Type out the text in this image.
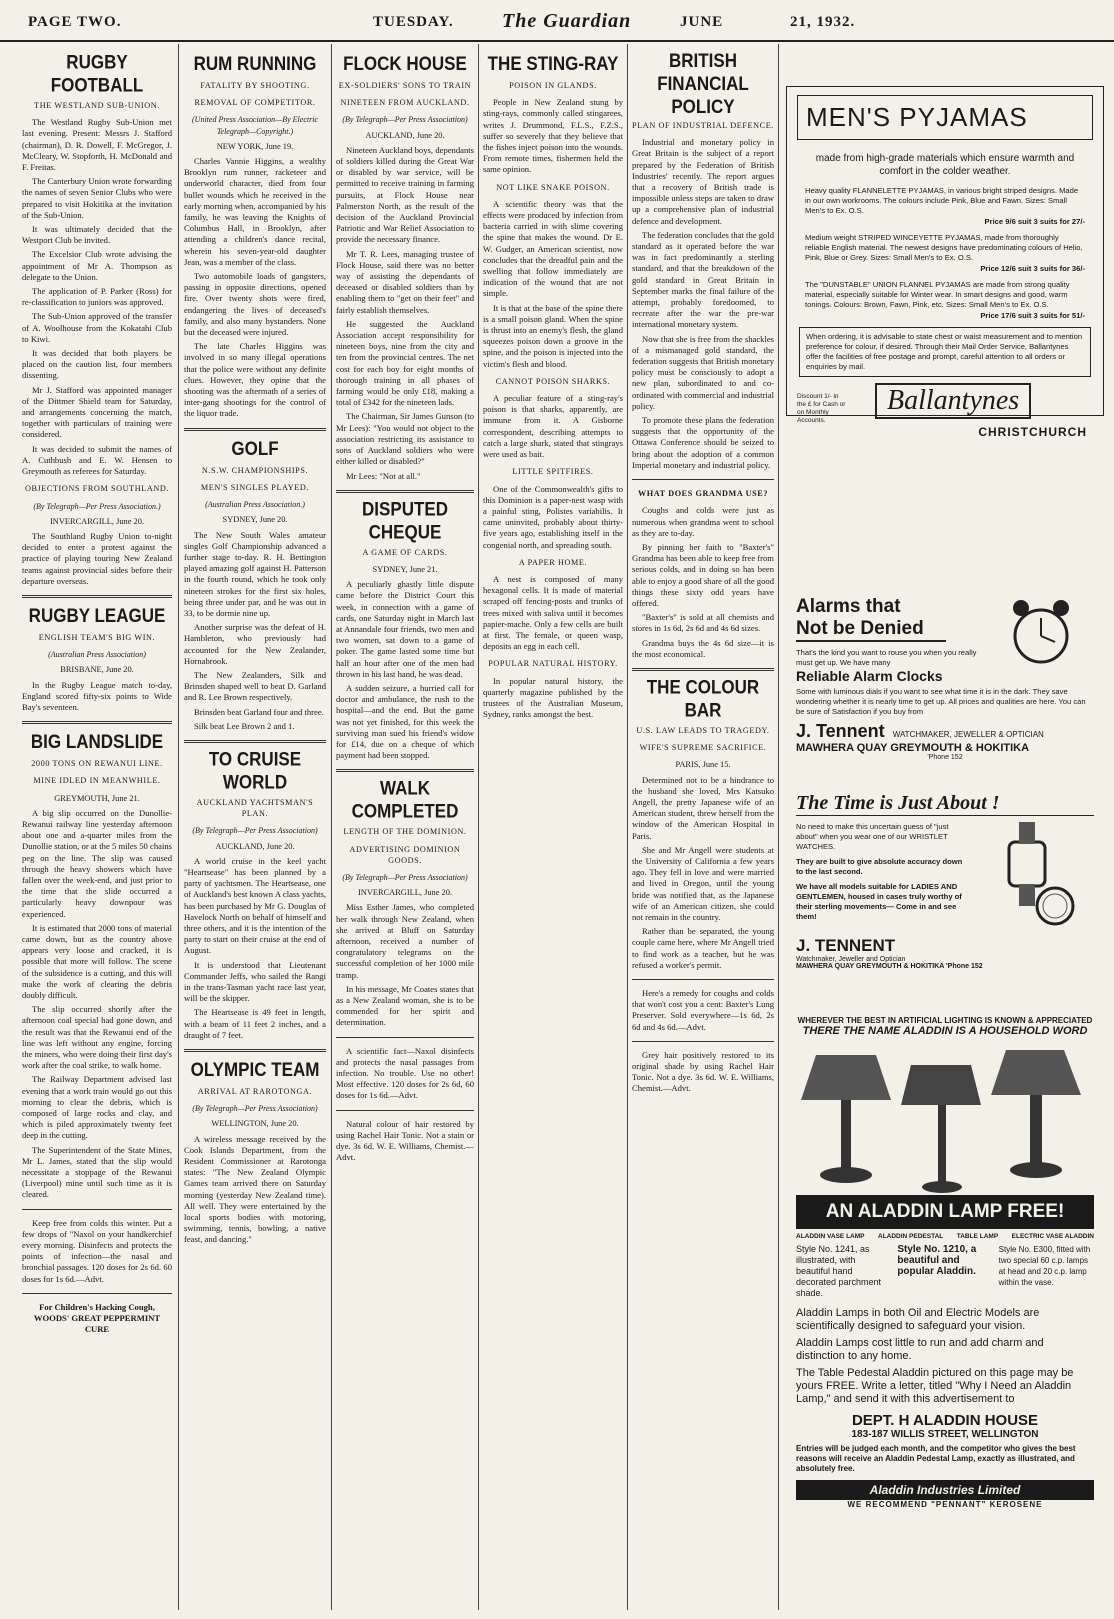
PAGE TWO.	TUESDAY. The Guardian	JUNE	21, 1932.
RUGBY FOOTBALL
THE WESTLAND SUB-UNION.

The Westland Rugby Sub-Union met last evening. Present: Messrs J. Stafford (chairman), D. R. Dowell, F. McGregor, J. McCleary, W. Stopforth, H. McDonald and F. Freitas.

The Canterbury Union wrote forwarding the names of seven Senior Clubs who were prepared to visit Hokitika at the invitation of the Sub-Union.

It was ultimately decided that the Westport Club be invited.

The Excelsior Club wrote advising the appointment of Mr A. Thompson as delegate to the Union.

The application of P. Parker (Ross) for re-classification to juniors was approved.

The Sub-Union approved of the transfer of A. Woolhouse from the Kokatahi Club to Kiwi.

It was decided that both players be placed on the caution list, four members dissenting.

Mr J. Stafford was appointed manager of the Dittmer Shield team for Saturday, and arrangements concerning the match, together with particulars of training were considered.

It was decided to submit the names of A. Cuthbush and E. W. Hensen to Greymouth as referees for Saturday.

OBJECTIONS FROM SOUTHLAND.
(By Telegraph—Per Press Association.)
INVERCARGILL, June 20.

The Southland Rugby Union to-night decided to enter a protest against the practice of playing touring New Zealand teams against provincial sides before their departure overseas.

RUGBY LEAGUE
ENGLISH TEAM'S BIG WIN.
(Australian Press Association)
BRISBANE, June 20.

In the Rugby League match to-day, England scored fifty-six points to Wide Bay's seventeen.

BIG LANDSLIDE
2000 TONS ON REWANUI LINE.
MINE IDLED IN MEANWHILE.
GREYMOUTH, June 21.

A big slip occurred on the Dunollie-Rewanui railway line yesterday afternoon about one and a-quarter miles from the Dunollie station, or at the 5 miles 50 chains peg on the line. The slip was caused through the heavy showers which have fallen over the week-end, and just prior to the time that the slide occurred a particularly heavy downpour was experienced.

It is estimated that 2000 tons of material came down, but as the country above appears very loose and cracked, it is possible that more will follow. The scene of the subsidence is a cutting, and this will make the work of clearing the debris doubly difficult.

The slip occurred shortly after the afternoon coal special had gone down, and the result was that the Rewanui end of the line was left without any engine, forcing the miners, who were doing their first day's work after the coal strike, to walk home.

The Railway Department advised last evening that a work train would go out this morning to clear the debris, which is composed of large rocks and clay, and which is piled approximately twenty feet deep in the cutting.

The Superintendent of the State Mines, Mr L. James, stated that the slip would necessitate a stoppage of the Rewanui (Liverpool) mine until such time as it is cleared.

Keep free from colds this winter. Put a few drops of "Naxol on your handkerchief every morning. Disinfects and protects the points of infection—the nasal and bronchial passages. 120 doses for 2s 6d. 60 doses for 1s 6d.—Advt.

For Children's Hacking Cough, WOODS' GREAT PEPPERMINT CURE

RUM RUNNING
FATALITY BY SHOOTING.
REMOVAL OF COMPETITOR.
(United Press Association—By Electric Telegraph—Copyright.)
NEW YORK, June 19.

Charles Vannie Higgins, a wealthy Brooklyn rum runner, racketeer and underworld character, died from four bullet wounds which he received in the early morning when, accompanied by his family, he was leaving the Knights of Columbus Hall, in Brooklyn, after attending a children's dance recital, wherein his seven-year-old daughter Jean, was a member of the class.

Two automobile loads of gangsters, passing in opposite directions, opened fire. Over twenty shots were fired, endangering the lives of deceased's family, and also many bystanders. None but the deceased were injured.

The late Charles Higgins was involved in so many illegal operations that the police were without any definite clues. However, they opine that the shooting was the aftermath of a series of inter-gang shootings for the control of the liquor trade.

GOLF
N.S.W. CHAMPIONSHIPS.
MEN'S SINGLES PLAYED.
(Australian Press Association.)
SYDNEY, June 20.

The New South Wales amateur singles Golf Championship advanced a further stage to-day. R. H. Bettington played amazing golf against H. Patterson in the fourth round, which he took only nineteen strokes for the first six holes, being three under par, and he was out in 33, to be dormie nine up.

Another surprise was the defeat of H. Hambleton, who previously had accounted for the New Zealander, Hornabrook.

The New Zealanders, Silk and Brinsden shaped well to beat D. Garland and R. Lee Brown respectively.

Brinsden beat Garland four and three.

Silk beat Lee Brown 2 and 1.

TO CRUISE WORLD
AUCKLAND YACHTSMAN'S PLAN.
(By Telegraph—Per Press Association)
AUCKLAND, June 20.

A world cruise in the keel yacht "Heartsease" has been planned by a party of yachtsmen. The Heartsease, one of Auckland's best known A class yachts, has been purchased by Mr G. Douglas of Havelock North on behalf of himself and three others, and it is the intention of the party to start on their cruise at the end of August.

It is understood that Lieutenant Commander Jeffs, who sailed the Rangi in the trans-Tasman yacht race last year, will be the skipper.

The Heartsease is 49 feet in length, with a beam of 11 feet 2 inches, and a draught of 7 feet.

OLYMPIC TEAM
ARRIVAL AT RAROTONGA.
(By Telegraph—Per Press Association)
WELLINGTON, June 20.

A wireless message received by the Cook Islands Department, from the Resident Commissioner at Rarotonga states: "The New Zealand Olympic Games team arrived there on Saturday morning (yesterday New Zealand time). All well. They were entertained by the local sports bodies with motoring, swimming, tennis, bowling, a native feast, and dancing."

FLOCK HOUSE
EX-SOLDIERS' SONS TO TRAIN
NINETEEN FROM AUCKLAND.
(By Telegraph—Per Press Association)
AUCKLAND, June 20.

Nineteen Auckland boys, dependants of soldiers killed during the Great War or disabled by war service, will be permitted to receive training in farming pursuits, at Flock House near Palmerston North, as the result of the decision of the Auckland Provincial Patriotic and War Relief Association to provide the necessary finance.

Mr T. R. Lees, managing trustee of Flock House, said there was no better way of assisting the dependants of deceased or disabled soldiers than by enabling them to "get on their feet" and fairly establish themselves.

He suggested the Auckland Association accept responsibility for nineteen boys, nine from the city and ten from the provincial centres. The net cost for each boy for eight months of thorough training in all phases of farming would be only £18, making a total of £342 for the nineteen lads.

The Chairman, Sir James Gunson (to Mr Lees): "You would not object to the association restricting its assistance to sons of Auckland soldiers who were either killed or disabled?"

Mr Lees: "Not at all."

DISPUTED CHEQUE
A GAME OF CARDS.
SYDNEY, June 21.

A peculiarly ghastly little dispute came before the District Court this week, in connection with a game of cards, one Saturday night in March last at Annandale four friends, two men and two women, sat down to a game of poker. The game lasted some time but half an hour after one of the men had thrown in his last hand, he was dead.

A sudden seizure, a hurried call for doctor and ambulance, the rush to the hospital—and the end. But the game was not yet finished, for this week the surviving man sued his friend's widow for £14, due on a cheque of which payment had been stopped.

WALK COMPLETED
LENGTH OF THE DOMINION.
ADVERTISING DOMINION GOODS.
(By Telegraph—Per Press Association)
INVERCARGILL, June 20.

Miss Esther James, who completed her walk through New Zealand, when she arrived at Bluff on Saturday afternoon, received a number of congratulatory telegrams on the successful completion of her 1000 mile tramp.

In his message, Mr Coates states that as a New Zealand woman, she is to be commended for her spirit and determination.

A scientific fact—Naxol disinfects and protects the nasal passages from infection. No trouble. Use no other! Most effective. 120 doses for 2s 6d, 60 doses for 1s 6d.—Advt.

Natural colour of hair restored by using Rachel Hair Tonic. Not a stain or dye. 3s 6d. W. E. Williams, Chemist.—Advt.

THE STING-RAY
POISON IN GLANDS.

People in New Zealand stung by sting-rays, commonly called stingarees, writes J. Drummond, F.L.S., F.Z.S., suffer so severely that they believe that the fishes inject poison into the wounds. From remote times, fishermen held the same opinion.

NOT LIKE SNAKE POISON.

A scientific theory was that the effects were produced by infection from bacteria carried in with slime covering the spine that makes the wound. Dr E. W. Gudger, an American scientist, now concludes that the dreadful pain and the swelling that follow immediately are indication of the wound that are not simple.

It is that at the base of the spine there is a small poison gland. When the spine is thrust into an enemy's flesh, the gland squeezes poison down a groove in the spine, and the poison is injected into the victim's flesh and blood.

CANNOT POISON SHARKS.

A peculiar feature of a sting-ray's poison is that sharks, apparently, are immune from it. A Gisborne correspondent, describing attempts to catch a large shark, stated that stingrays were used as bait.

LITTLE SPITFIRES.

One of the Commonwealth's gifts to this Dominion is a paper-nest wasp with a painful sting, Polistes variabilis. It came uninvited, probably about thirty-five years ago, establishing itself in the congenial north, and spreading south.

A PAPER HOME.

A nest is composed of many hexagonal cells. It is made of material scraped off fencing-posts and trunks of trees mixed with saliva until it becomes papier-mache. Only a few cells are built at first. The female, or queen wasp, deposits an egg in each cell.

POPULAR NATURAL HISTORY.

In popular natural history, the quarterly magazine published by the trustees of the Australian Museum, Sydney, ranks amongst the best.

BRITISH FINANCIAL POLICY
PLAN OF INDUSTRIAL DEFENCE.

Industrial and monetary policy in Great Britain is the subject of a report prepared by the Federation of British Industries' recently. The report argues that a recovery of British trade is impossible unless steps are taken to draw up a comprehensive plan of industrial defence and development.

The federation concludes that the gold standard as it operated before the war was in fact predominantly a sterling standard, and that the breakdown of the gold standard in Great Britain in September marks the final failure of the attempt, probably foredoomed, to recreate after the war the pre-war international monetary system.

Now that she is free from the shackles of a mismanaged gold standard, the federation suggests that British monetary policy must be consciously to adopt a new plan, subordinated to and co-ordinated with commercial and industrial policy.

To promote these plans the federation suggests that the opportunity of the Ottawa Conference should be seized to bring about the adoption of a common Imperial monetary and industrial policy.

WHAT DOES GRANDMA USE?

Coughs and colds were just as numerous when grandma went to school as they are to-day.

By pinning her faith to "Baxter's" Grandma has been able to keep free from serious colds, and in doing so has been able to enjoy a good share of all the good things these sixty odd years have offered.

"Baxter's" is sold at all chemists and stores in 1s 6d, 2s 6d and 4s 6d sizes.

Grandma buys the 4s 6d size—it is the most economical.

THE COLOUR BAR
U.S. LAW LEADS TO TRAGEDY.
WIFE'S SUPREME SACRIFICE.
PARIS, June 15.

Determined not to be a hindrance to the husband she loved, Mrs Katsuko Angell, the pretty Japanese wife of an American student, threw herself from the window of the American Hospital in Paris.

She and Mr Angell were students at the University of California a few years ago. They fell in love and were married and lived in Oregon, until the young bride was notified that, as the Japanese wife of an American citizen, she could not remain in the country.

Rather than be separated, the young couple came here, where Mr Angell tried to find work as a teacher, but he was refused a worker's permit.

Here's a remedy for coughs and colds that won't cost you a cent: Baxter's Lung Preserver. Sold everywhere—1s 6d, 2s 6d and 4s 6d.—Advt.

Grey hair positively restored to its original shade by using Rachel Hair Tonic. Not a dye. 3s 6d. W. E. Williams, Chemist.—Advt.

MEN'S PYJAMAS
made from high-grade materials which ensure warmth and comfort in the colder weather.
Heavy quality FLANNELETTE PYJAMAS, in various bright striped designs. Made in our own workrooms. The colours include Pink, Blue and Fawn. Sizes: Small Men's to Ex. O.S.
Price 9/6 suit 3 suits for 27/-
Medium weight STRIPED WINCEYETTE PYJAMAS, made from thoroughly reliable English material. The newest designs have predominating colours of Helio, Pink, Blue or Grey. Sizes: Small Men's to Ex. O.S.
Price 12/6 suit 3 suits for 36/-
The "DUNSTABLE" UNION FLANNEL PYJAMAS are made from strong quality material, especially suitable for Winter wear. In smart designs and good, warm tonings. Colours: Brown, Fawn, Pink, etc. Sizes: Small Men's to Ex. O.S.
Price 17/6 suit 3 suits for 51/-
When ordering, it is advisable to state chest or waist measurement and to mention preference for colour, if desired. Through their Mail Order Service, Ballantynes offer the facilities of free postage and prompt, careful attention to all orders or enquiries by mail.
Discount 1/- in the £ for Cash or on Monthly Accounts.
Ballantynes
CHRISTCHURCH
Alarms that
Not be Denied
That's the kind you want to rouse you when you really must get up. We have many
Reliable Alarm Clocks
Some with luminous dials if you want to see what time it is in the dark. They save wondering whether it is nearly time to get up. All prices and qualities are here. You can be sure of Satisfaction if you buy from
J. Tennent WATCHMAKER, JEWELLER & OPTICIAN
MAWHERA QUAY GREYMOUTH & HOKITIKA
'Phone 152
The Time is Just About !
No need to make this uncertain guess of "just about" when you wear one of our WRISTLET WATCHES.
They are built to give absolute accuracy down to the last second.
We have all models suitable for LADIES AND GENTLEMEN, housed in cases truly worthy of their sterling movements— Come in and see them!
J. TENNENT
Watchmaker, Jeweller and Optician
MAWHERA QUAY GREYMOUTH & HOKITIKA 'Phone 152
WHEREVER THE BEST IN ARTIFICIAL LIGHTING IS KNOWN & APPRECIATED
THERE THE NAME ALADDIN IS A HOUSEHOLD WORD
AN ALADDIN LAMP FREE!
ALADDIN VASE LAMP ALADDIN PEDESTAL TABLE LAMP ELECTRIC VASE ALADDIN
Style No. 1241, as illustrated, with beautiful hand decorated parchment shade.
Style No. 1210, a beautiful and popular Aladdin.
Style No. E300, fitted with two special 60 c.p. lamps at head and 20 c.p. lamp within the vase.
Aladdin Lamps in both Oil and Electric Models are scientifically designed to safeguard your vision.
Aladdin Lamps cost little to run and add charm and distinction to any home.
The Table Pedestal Aladdin pictured on this page may be yours FREE. Write a letter, titled "Why I Need an Aladdin Lamp," and send it with this advertisement to
DEPT. H ALADDIN HOUSE
183-187 WILLIS STREET, WELLINGTON
Entries will be judged each month, and the competitor who gives the best reasons will receive an Aladdin Pedestal Lamp, exactly as illustrated, and absolutely free.
Aladdin Industries Limited
WE RECOMMEND "PENNANT" KEROSENE
